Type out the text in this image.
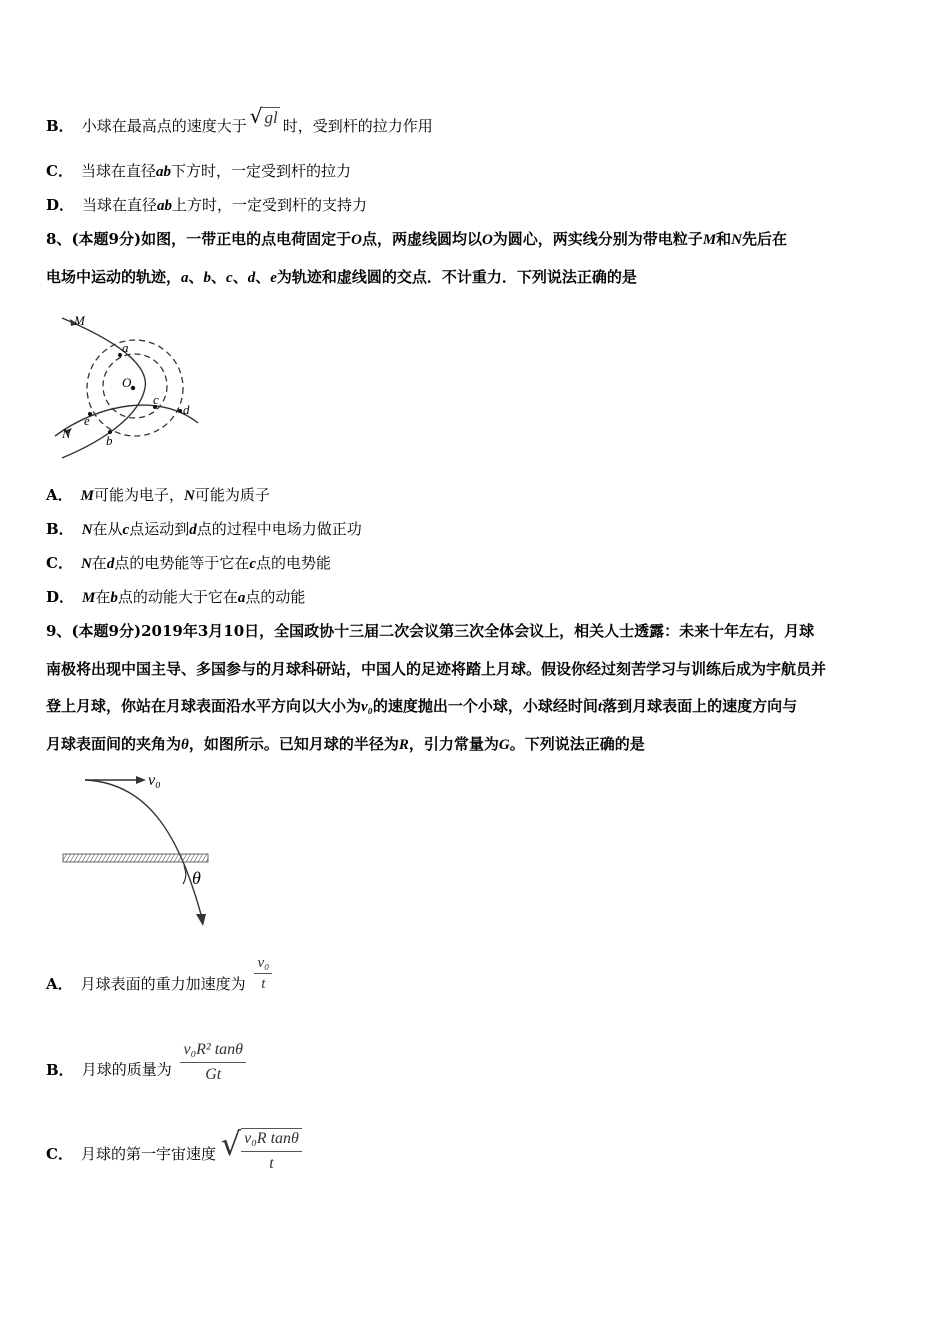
B． 小球在最高点的速度大于 √ gl 时，受到杆的拉力作用
C． 当球在直径ab下方时，一定受到杆的拉力
D． 当球在直径ab上方时，一定受到杆的支持力
8、(本题9分)如图，一带正电的点电荷固定于O点，两虚线圆均以O为圆心，两实线分别为带电粒子M和N先后在
电场中运动的轨迹，a、b、c、d、e为轨迹和虚线圆的交点．不计重力．下列说法正确的是
M
N
a
b
c
d
e
O
A． M可能为电子，N可能为质子
B． N在从c点运动到d点的过程中电场力做正功
C． N在d点的电势能等于它在c点的电势能
D． M在b点的动能大于它在a点的动能
9、(本题9分)2019年3月10日，全国政协十三届二次会议第三次全体会议上，相关人士透露：未来十年左右，月球
南极将出现中国主导、多国参与的月球科研站，中国人的足迹将踏上月球。假设你经过刻苦学习与训练后成为宇航员并
登上月球，你站在月球表面沿水平方向以大小为v₀的速度抛出一个小球，小球经时间t落到月球表面上的速度方向与
月球表面间的夹角为θ，如图所示。已知月球的半径为R，引力常量为G。下列说法正确的是
v₀
θ
A． 月球表面的重力加速度为 $\frac{\text{v₀}}{t}$
B． 月球的质量为 $\frac{\text{v₀R² tanθ}}{Gt}$
C． 月球的第一宇宙速度 √ $\frac{\text{v₀R tanθ}}{t}$
